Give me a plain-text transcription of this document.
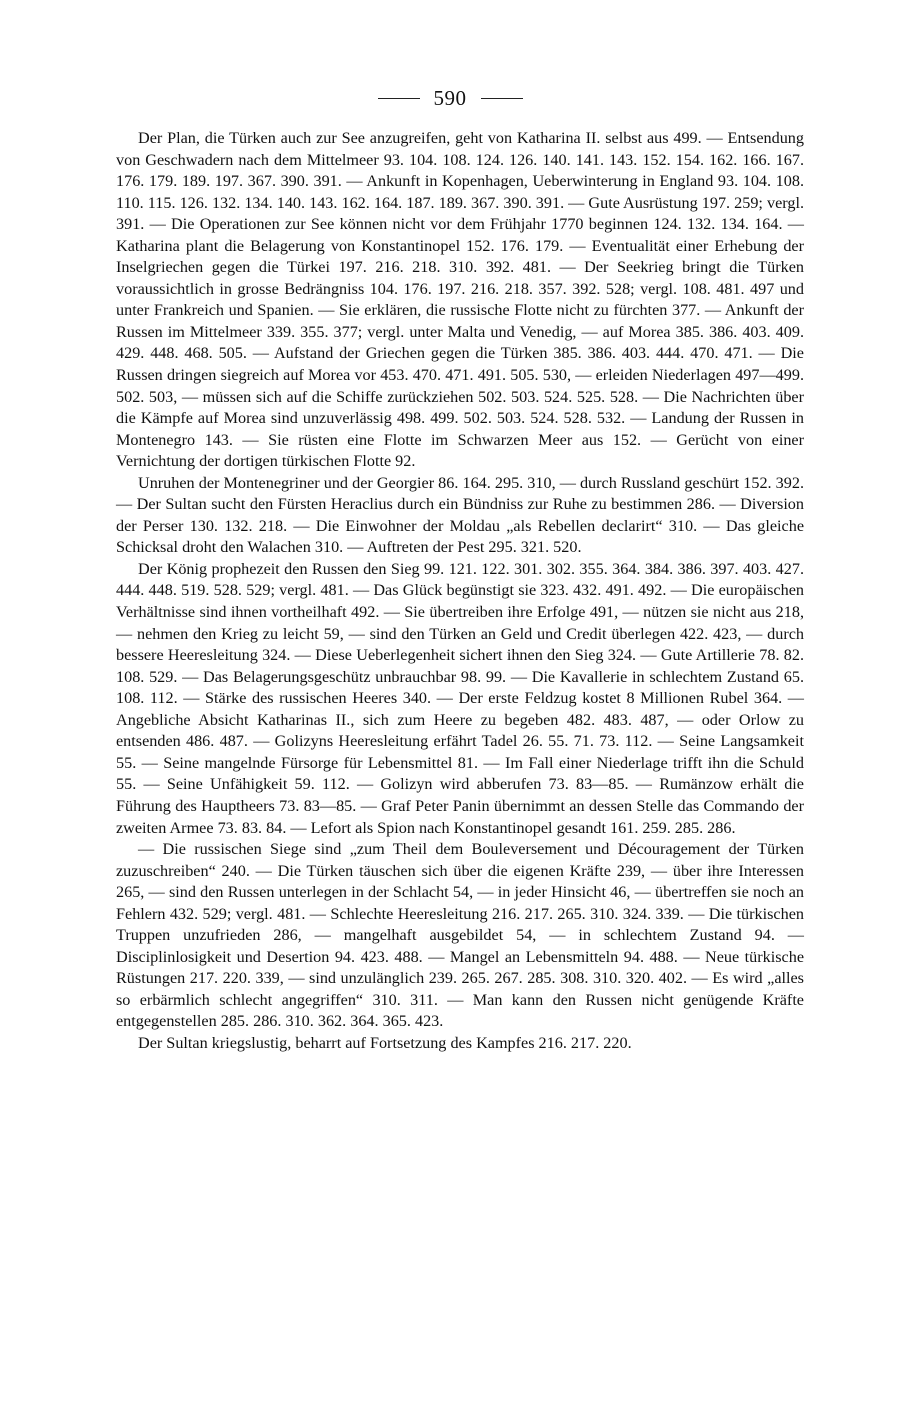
590

Der Plan, die Türken auch zur See anzugreifen, geht von Katharina II. selbst aus 499. — Entsendung von Geschwadern nach dem Mittelmeer 93. 104. 108. 124. 126. 140. 141. 143. 152. 154. 162. 166. 167. 176. 179. 189. 197. 367. 390. 391. — Ankunft in Kopenhagen, Ueberwinterung in England 93. 104. 108. 110. 115. 126. 132. 134. 140. 143. 162. 164. 187. 189. 367. 390. 391. — Gute Ausrüstung 197. 259; vergl. 391. — Die Operationen zur See können nicht vor dem Frühjahr 1770 beginnen 124. 132. 134. 164. — Katharina plant die Belagerung von Konstantinopel 152. 176. 179. — Eventualität einer Erhebung der Inselgriechen gegen die Türkei 197. 216. 218. 310. 392. 481. — Der Seekrieg bringt die Türken voraussichtlich in grosse Bedrängniss 104. 176. 197. 216. 218. 357. 392. 528; vergl. 108. 481. 497 und unter Frankreich und Spanien. — Sie erklären, die russische Flotte nicht zu fürchten 377. — Ankunft der Russen im Mittelmeer 339. 355. 377; vergl. unter Malta und Venedig, — auf Morea 385. 386. 403. 409. 429. 448. 468. 505. — Aufstand der Griechen gegen die Türken 385. 386. 403. 444. 470. 471. — Die Russen dringen siegreich auf Morea vor 453. 470. 471. 491. 505. 530, — erleiden Niederlagen 497—499. 502. 503, — müssen sich auf die Schiffe zurückziehen 502. 503. 524. 525. 528. — Die Nachrichten über die Kämpfe auf Morea sind unzuverlässig 498. 499. 502. 503. 524. 528. 532. — Landung der Russen in Montenegro 143. — Sie rüsten eine Flotte im Schwarzen Meer aus 152. — Gerücht von einer Vernichtung der dortigen türkischen Flotte 92.

Unruhen der Montenegriner und der Georgier 86. 164. 295. 310, — durch Russland geschürt 152. 392. — Der Sultan sucht den Fürsten Heraclius durch ein Bündniss zur Ruhe zu bestimmen 286. — Diversion der Perser 130. 132. 218. — Die Einwohner der Moldau „als Rebellen declarirt“ 310. — Das gleiche Schicksal droht den Walachen 310. — Auftreten der Pest 295. 321. 520.

Der König prophezeit den Russen den Sieg 99. 121. 122. 301. 302. 355. 364. 384. 386. 397. 403. 427. 444. 448. 519. 528. 529; vergl. 481. — Das Glück begünstigt sie 323. 432. 491. 492. — Die europäischen Verhältnisse sind ihnen vortheilhaft 492. — Sie übertreiben ihre Erfolge 491, — nützen sie nicht aus 218, — nehmen den Krieg zu leicht 59, — sind den Türken an Geld und Credit überlegen 422. 423, — durch bessere Heeresleitung 324. — Diese Ueberlegenheit sichert ihnen den Sieg 324. — Gute Artillerie 78. 82. 108. 529. — Das Belagerungsgeschütz unbrauchbar 98. 99. — Die Kavallerie in schlechtem Zustand 65. 108. 112. — Stärke des russischen Heeres 340. — Der erste Feldzug kostet 8 Millionen Rubel 364. — Angebliche Absicht Katharinas II., sich zum Heere zu begeben 482. 483. 487, — oder Orlow zu entsenden 486. 487. — Golizyns Heeresleitung erfährt Tadel 26. 55. 71. 73. 112. — Seine Langsamkeit 55. — Seine mangelnde Fürsorge für Lebensmittel 81. — Im Fall einer Niederlage trifft ihn die Schuld 55. — Seine Unfähigkeit 59. 112. — Golizyn wird abberufen 73. 83—85. — Rumänzow erhält die Führung des Hauptheers 73. 83—85. — Graf Peter Panin übernimmt an dessen Stelle das Commando der zweiten Armee 73. 83. 84. — Lefort als Spion nach Konstantinopel gesandt 161. 259. 285. 286.

— Die russischen Siege sind „zum Theil dem Bouleversement und Découragement der Türken zuzuschreiben“ 240. — Die Türken täuschen sich über die eigenen Kräfte 239, — über ihre Interessen 265, — sind den Russen unterlegen in der Schlacht 54, — in jeder Hinsicht 46, — übertreffen sie noch an Fehlern 432. 529; vergl. 481. — Schlechte Heeresleitung 216. 217. 265. 310. 324. 339. — Die türkischen Truppen unzufrieden 286, — mangelhaft ausgebildet 54, — in schlechtem Zustand 94. — Disciplinlosigkeit und Desertion 94. 423. 488. — Mangel an Lebensmitteln 94. 488. — Neue türkische Rüstungen 217. 220. 339, — sind unzulänglich 239. 265. 267. 285. 308. 310. 320. 402. — Es wird „alles so erbärmlich schlecht angegriffen“ 310. 311. — Man kann den Russen nicht genügende Kräfte entgegenstellen 285. 286. 310. 362. 364. 365. 423.

Der Sultan kriegslustig, beharrt auf Fortsetzung des Kampfes 216. 217. 220.
